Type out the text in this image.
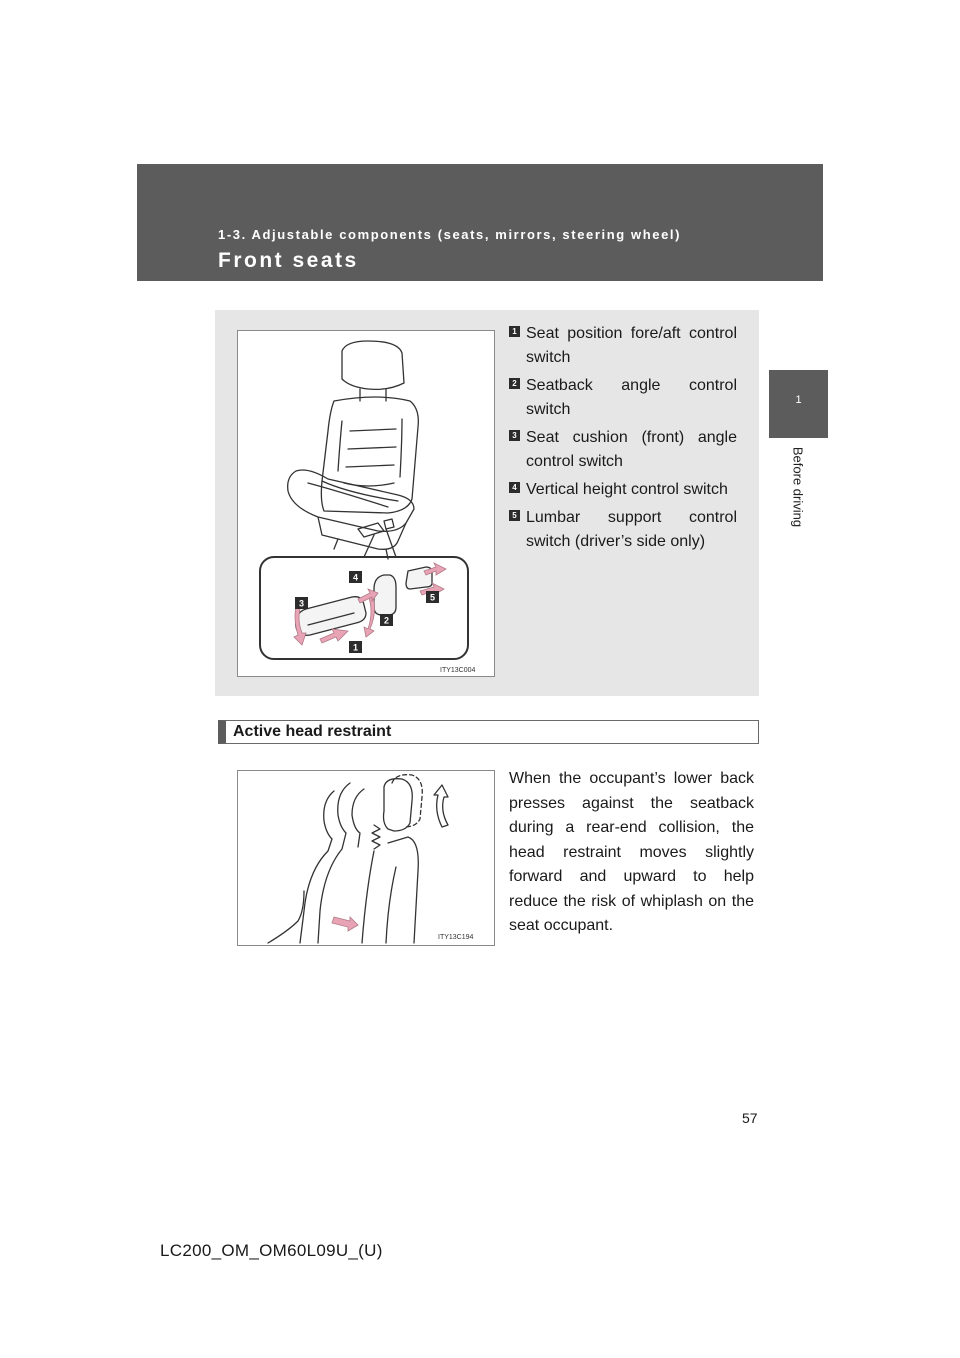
1-3. Adjustable components (seats, mirrors, steering wheel)
Front seats
1
Before driving
4
3
5
2
1
ITY13C004
1 Seat position fore/aft control switch
2 Seatback angle control switch
3 Seat cushion (front) angle control switch
4 Vertical height control switch
5 Lumbar support control switch (driver’s side only)
Active head restraint
ITY13C194

When the occupant’s lower back presses against the seatback during a rear-end collision, the head restraint moves slightly forward and upward to help reduce the risk of whiplash on the seat occupant.

57
LC200_OM_OM60L09U_(U)
